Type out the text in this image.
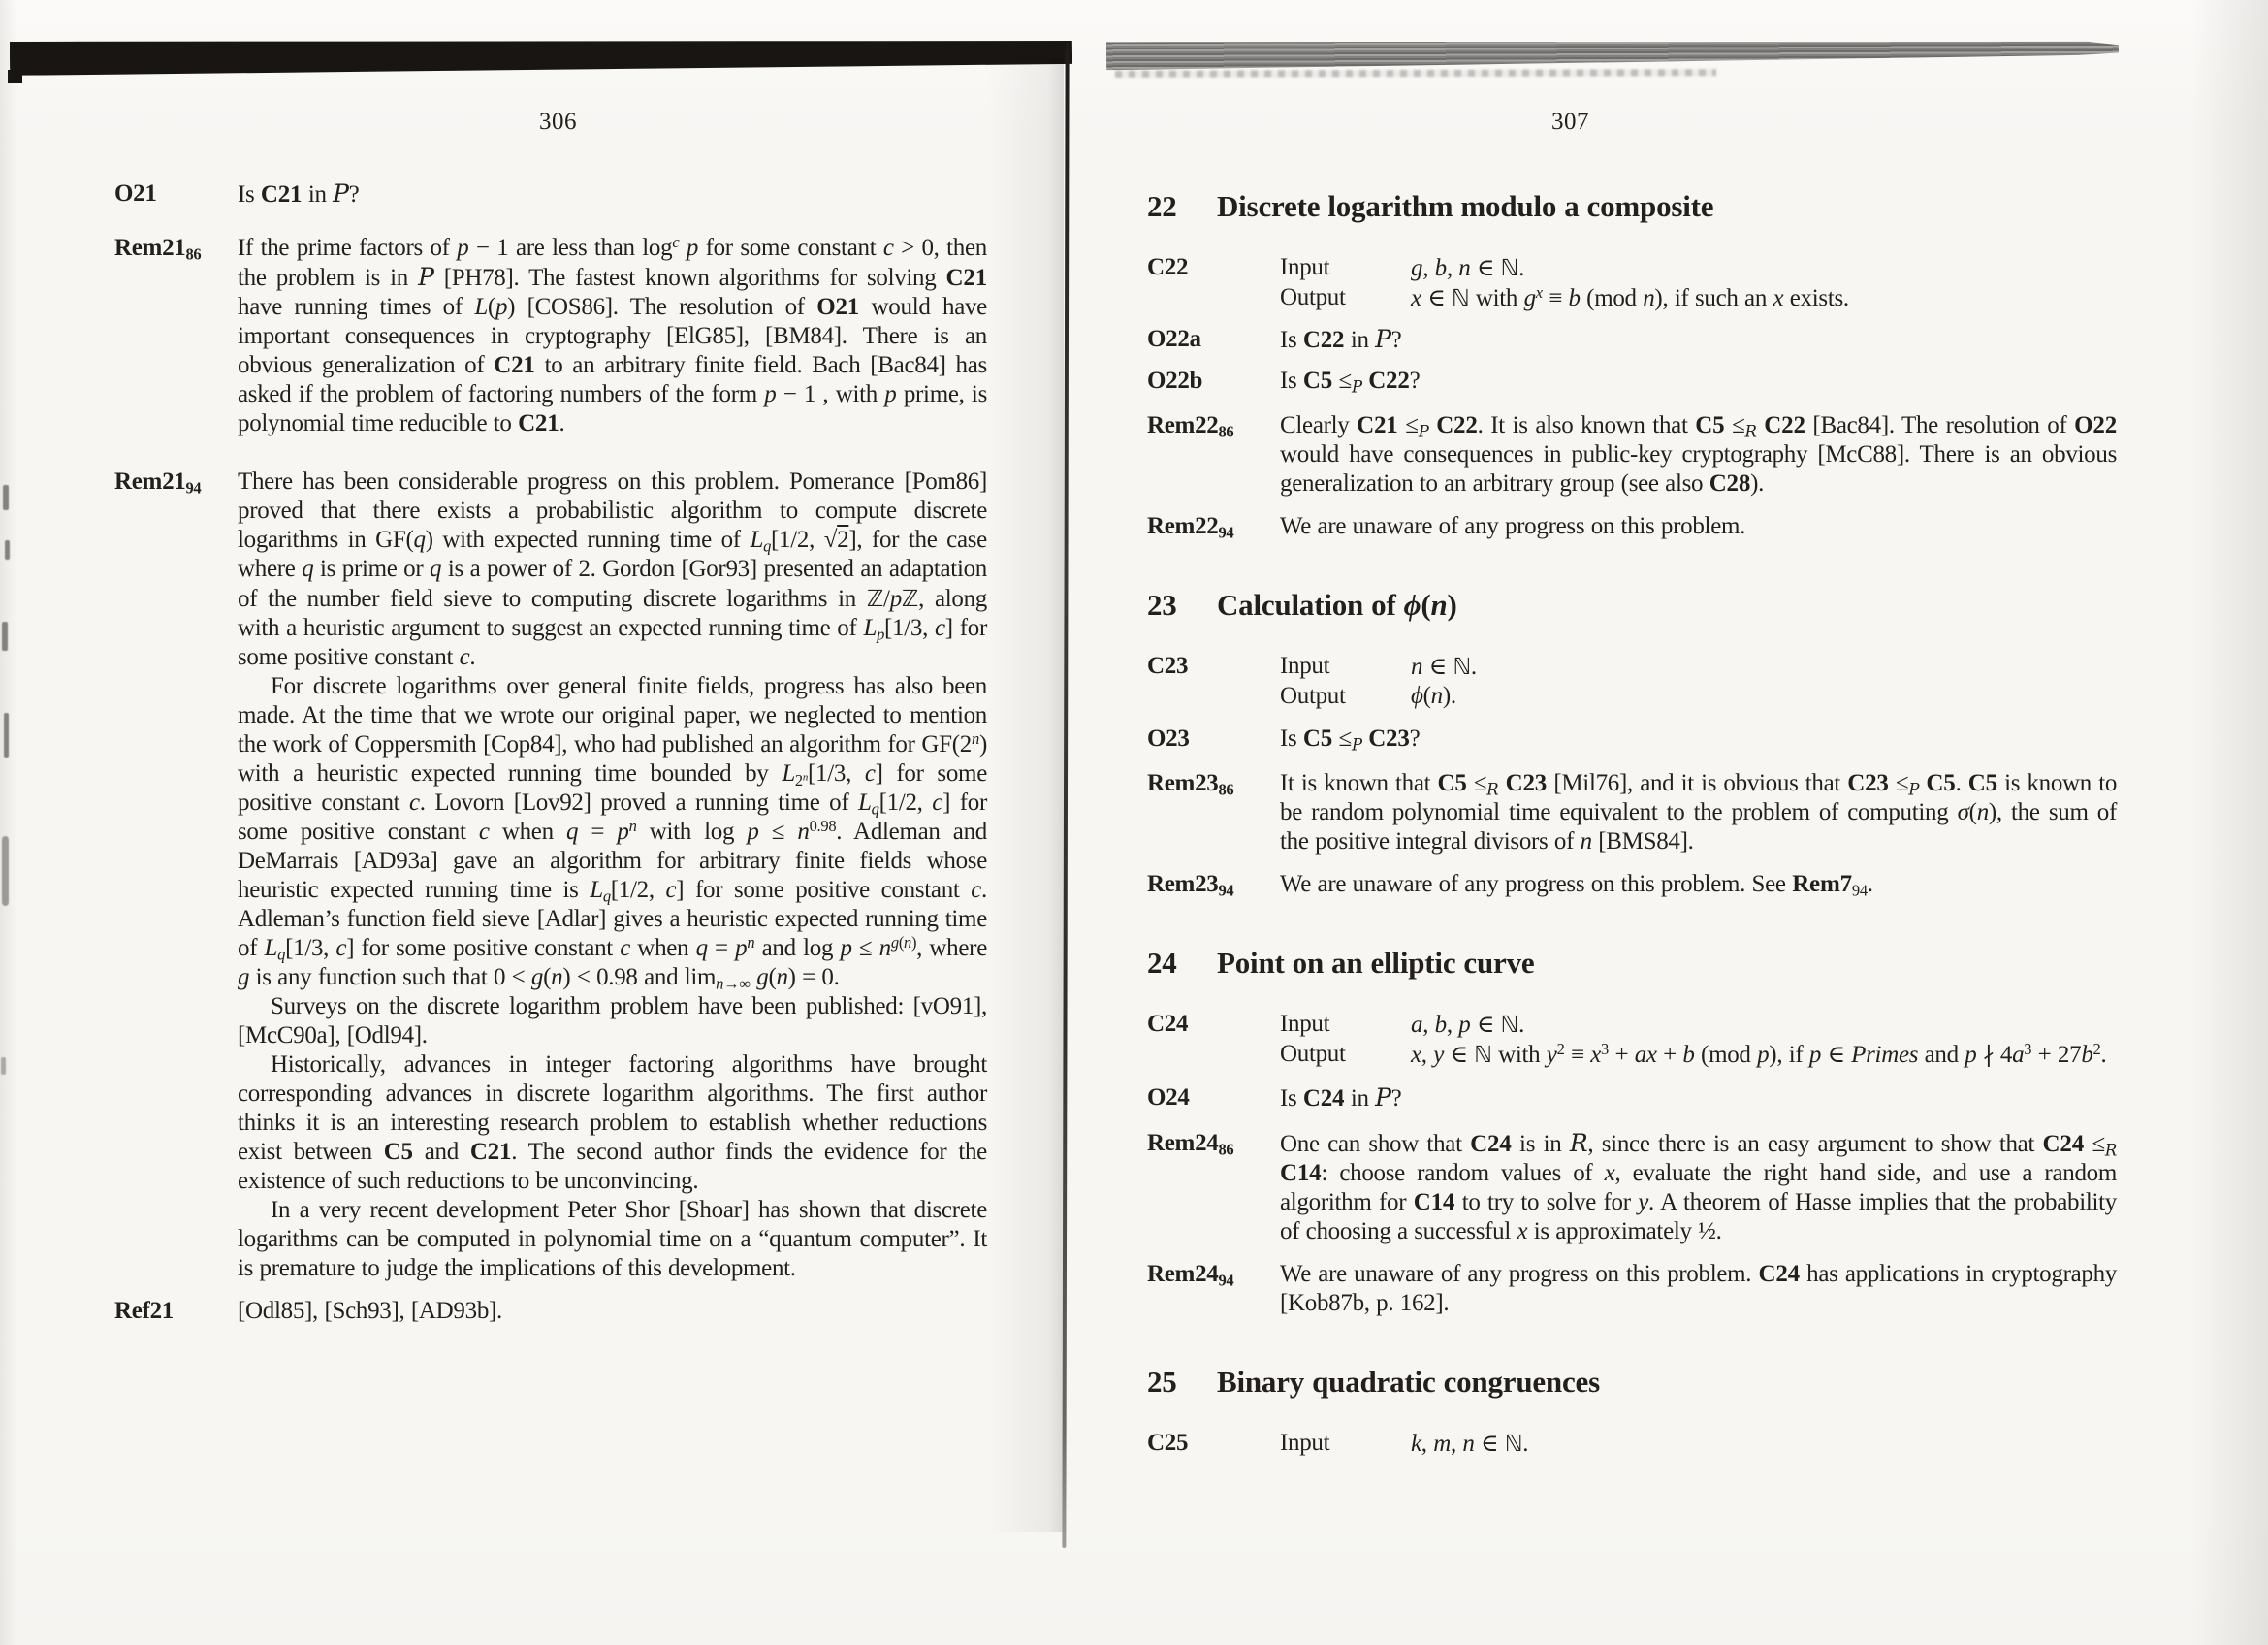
306	307
O21	Is C21 in P?
$Rem21_{86}$	If the prime factors of p − 1 are less than $\log^c p$ for some constant c > 0, then the problem is in P [PH78]. The fastest known algorithms for solving C21 have running times of L(p) [COS86]. The resolution of O21 would have important consequences in cryptography [ElG85], [BM84]. There is an obvious generalization of C21 to an arbitrary finite field. Bach [Bac84] has asked if the problem of factoring numbers of the form p − 1 , with p prime, is polynomial time reducible to C21.
$Rem21_{94}$	There has been considerable progress on this problem. Pomerance [Pom86] proved that there exists a probabilistic algorithm to compute discrete logarithms in GF(q) with expected running time of $L_q[1/2$, √2], for the case where q is prime or q is a power of 2. Gordon [Gor93] presented an adaptation of the number field sieve to computing discrete logarithms in ℤ/pℤ, along with a heuristic argument to suggest an expected running time of $L_p[1/3$, c] for some positive constant c.

For discrete logarithms over general finite fields, progress has also been made. At the time that we wrote our original paper, we neglected to mention the work of Coppersmith [Cop84], who had published an algorithm for GF(2$^n$) with a heuristic expected running time bounded by $L_{2^n}[1/3$, c] for some positive constant c. Lovorn [Lov92] proved a running time of $L_q[1/2$, c] for some positive constant c when $q = p^n$ with $\log p \le n^{0.98}$. Adleman and DeMarrais [AD93a] gave an algorithm for arbitrary finite fields whose heuristic expected running time is $L_q[1/2$, c] for some positive constant c. Adleman’s function field sieve [Adlar] gives a heuristic expected running time of $L_q[1/3$, c] for some positive constant c when $q = p^n$ and $\log p \le n^{g(n)}$, where g is any function such that 0 < g(n) < 0.98 and $\lim_{n\to\infty} g(n) = 0$.

Surveys on the discrete logarithm problem have been published: [vO91], [McC90a], [Odl94].

Historically, advances in integer factoring algorithms have brought corresponding advances in discrete logarithm algorithms. The first author thinks it is an interesting research problem to establish whether reductions exist between C5 and C21. The second author finds the evidence for the existence of such reductions to be unconvincing.

In a very recent development Peter Shor [Shoar] has shown that discrete logarithms can be computed in polynomial time on a “quantum computer”. It is premature to judge the implications of this development.

Ref21	[Odl85], [Sch93], [AD93b].
22	Discrete logarithm modulo a composite
C22	Input	g, b, n ∈ ℕ.
Output	x ∈ ℕ with $g^x \equiv b$ (mod n), if such an x exists.
O22a	Is C22 in P?
O22b	Is $C5 \le_P$ C22?
$Rem22_{86}$	Clearly $C21 \le_P$ C22. It is also known that $C5 \le_R$ C22 [Bac84]. The resolution of O22 would have consequences in public-key cryptography [McC88]. There is an obvious generalization to an arbitrary group (see also C28).
$Rem22_{94}$	We are unaware of any progress on this problem.
23	Calculation of ϕ(n)
C23	Input	n ∈ ℕ.
Output	ϕ(n).
O23	Is $C5 \le_P$ C23?
$Rem23_{86}$	It is known that $C5 \le_R$ C23 [Mil76], and it is obvious that $C23 \le_P$ C5. C5 is known to be random polynomial time equivalent to the problem of computing σ(n), the sum of the positive integral divisors of n [BMS84].
$Rem23_{94}$	We are unaware of any progress on this problem. See $Rem7_{94}$.
24	Point on an elliptic curve
C24	Input	a, b, p ∈ ℕ.
Output	x, y ∈ ℕ with $y^2 \equiv x^3$ + ax + b (mod p), if p ∈ Primes and p ∤ $4a^3 + 27b^2$.
O24	Is C24 in P?
$Rem24_{86}$	One can show that C24 is in R, since there is an easy argument to show that $C24 \le_R$ C14: choose random values of x, evaluate the right hand side, and use a random algorithm for C14 to try to solve for y. A theorem of Hasse implies that the probability of choosing a successful x is approximately ½.
$Rem24_{94}$	We are unaware of any progress on this problem. C24 has applications in cryptography [Kob87b, p. 162].
25	Binary quadratic congruences
C25	Input	k, m, n ∈ ℕ.
